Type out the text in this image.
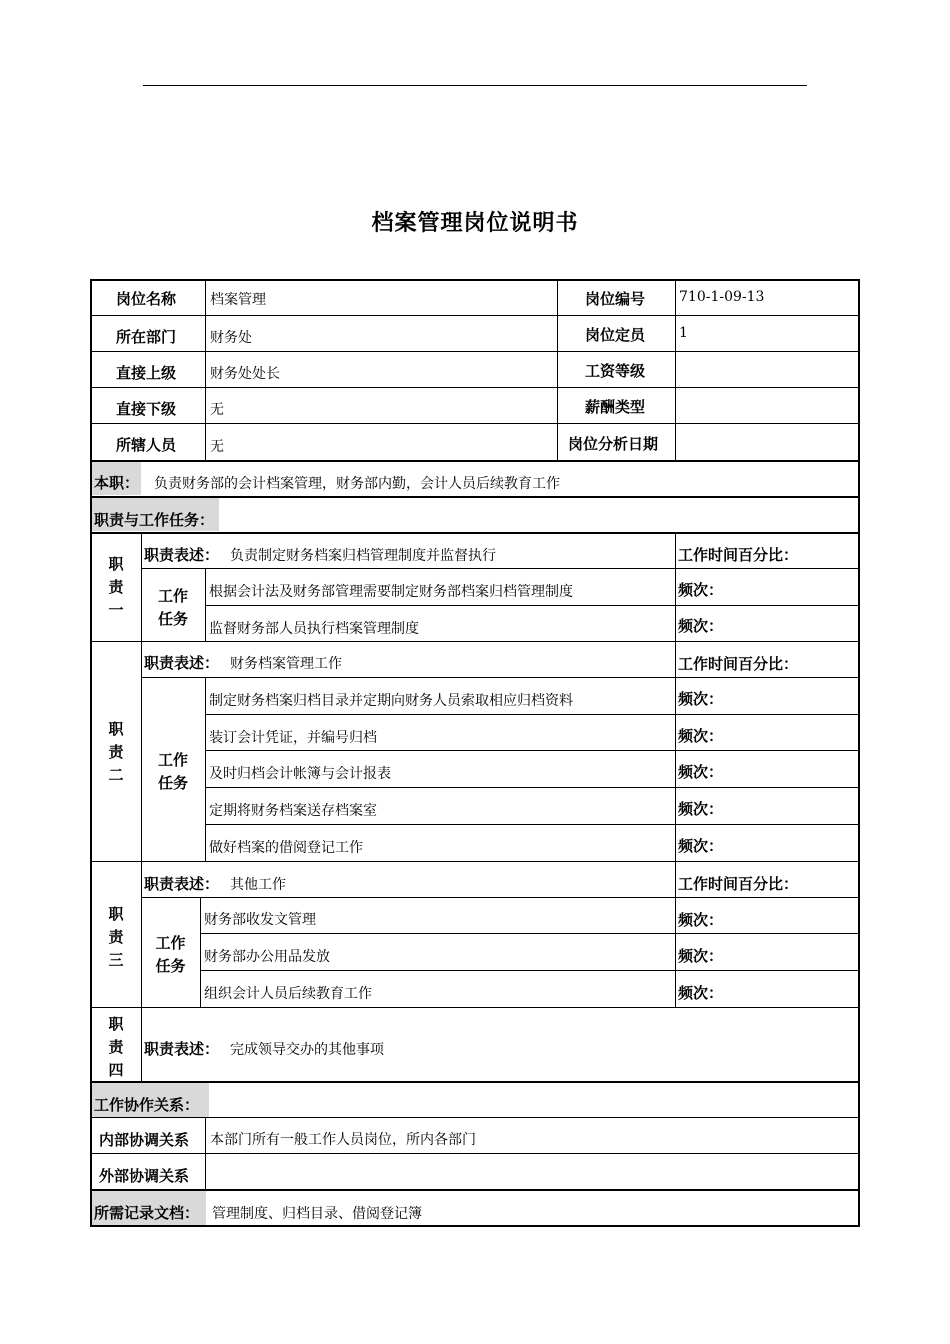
档案管理岗位说明书
岗位名称 档案管理	岗位编号 710-1-09-13
所在部门 财务处	岗位定员 1
直接上级 财务处处长	工资等级
直接下级 无	薪酬类型
所辖人员 无	岗位分析日期
本职： 负责财务部的会计档案管理，财务部内勤，会计人员后续教育工作
职责与工作任务：
职
责
一
职责表述： 负责制定财务档案归档管理制度并监督执行	工作时间百分比：
工作
任务
根据会计法及财务部管理需要制定财务部档案归档管理制度	频次：
监督财务部人员执行档案管理制度	频次：
职
责
二
职责表述： 财务档案管理工作	工作时间百分比：
工作
任务
制定财务档案归档目录并定期向财务人员索取相应归档资料	频次：
装订会计凭证，并编号归档	频次：
及时归档会计帐簿与会计报表	频次：
定期将财务档案送存档案室	频次：
做好档案的借阅登记工作	频次：
职
责
三
职责表述： 其他工作	工作时间百分比：
工作
任务
财务部收发文管理	频次：
财务部办公用品发放	频次：
组织会计人员后续教育工作	频次：
职
责
四
职责表述： 完成领导交办的其他事项
工作协作关系：
内部协调关系 本部门所有一般工作人员岗位，所内各部门
外部协调关系
所需记录文档： 管理制度、归档目录、借阅登记簿
